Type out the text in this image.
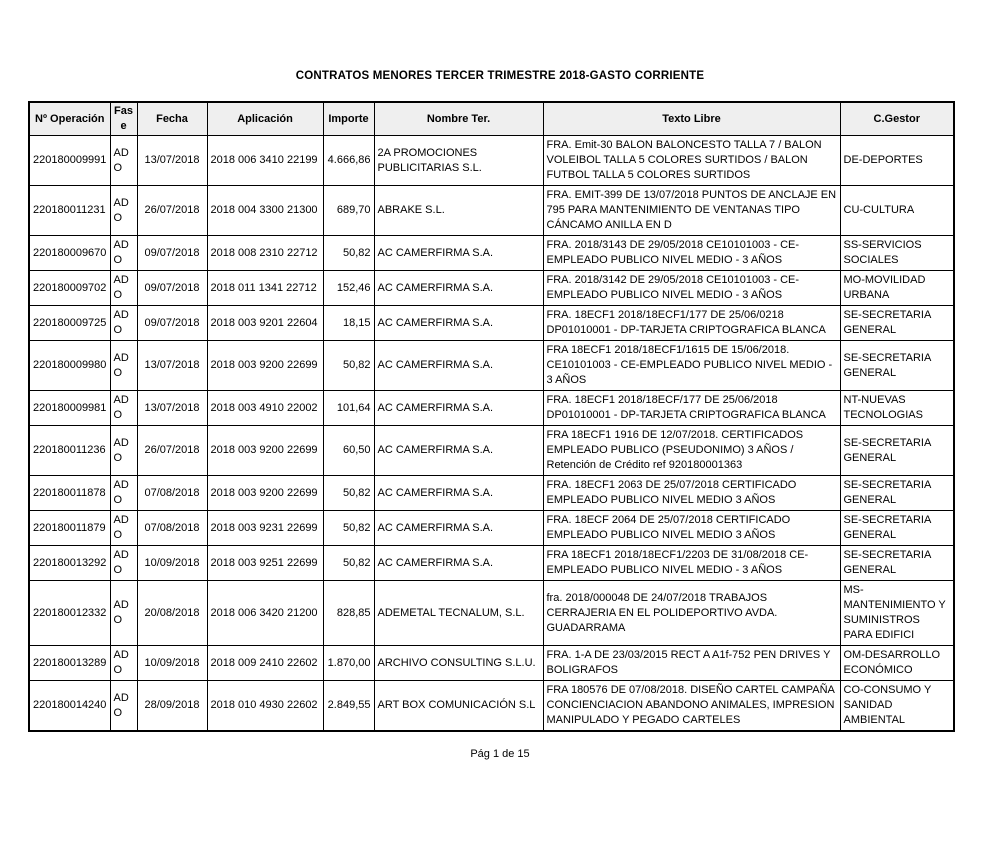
CONTRATOS MENORES TERCER TRIMESTRE 2018-GASTO CORRIENTE
Nº Operación	Fase	Fecha	Aplicación	Importe	Nombre Ter.	Texto Libre	C.Gestor
220180009991	ADO	13/07/2018	2018 006 3410 22199	4.666,86	2A PROMOCIONES PUBLICITARIAS S.L.	FRA. Emit-30 BALON BALONCESTO TALLA 7 / BALON VOLEIBOL TALLA 5 COLORES SURTIDOS / BALON FUTBOL TALLA 5 COLORES SURTIDOS	DE-DEPORTES
220180011231	ADO	26/07/2018	2018 004 3300 21300	689,70	ABRAKE S.L.	FRA. EMIT-399 DE 13/07/2018 PUNTOS DE ANCLAJE EN 795 PARA MANTENIMIENTO DE VENTANAS TIPO CÁNCAMO ANILLA EN D	CU-CULTURA
220180009670	ADO	09/07/2018	2018 008 2310 22712	50,82	AC CAMERFIRMA S.A.	FRA. 2018/3143 DE 29/05/2018 CE10101003 - CE-EMPLEADO PUBLICO NIVEL MEDIO - 3 AÑOS	SS-SERVICIOS SOCIALES
220180009702	ADO	09/07/2018	2018 011 1341 22712	152,46	AC CAMERFIRMA S.A.	FRA. 2018/3142 DE 29/05/2018 CE10101003 - CE-EMPLEADO PUBLICO NIVEL MEDIO - 3 AÑOS	MO-MOVILIDAD URBANA
220180009725	ADO	09/07/2018	2018 003 9201 22604	18,15	AC CAMERFIRMA S.A.	FRA. 18ECF1 2018/18ECF1/177 DE 25/06/0218 DP01010001 - DP-TARJETA CRIPTOGRAFICA BLANCA	SE-SECRETARIA GENERAL
220180009980	ADO	13/07/2018	2018 003 9200 22699	50,82	AC CAMERFIRMA S.A.	FRA 18ECF1 2018/18ECF1/1615 DE 15/06/2018. CE10101003 - CE-EMPLEADO PUBLICO NIVEL MEDIO - 3 AÑOS	SE-SECRETARIA GENERAL
220180009981	ADO	13/07/2018	2018 003 4910 22002	101,64	AC CAMERFIRMA S.A.	FRA. 18ECF1 2018/18ECF/177 DE 25/06/2018 DP01010001 - DP-TARJETA CRIPTOGRAFICA BLANCA	NT-NUEVAS TECNOLOGIAS
220180011236	ADO	26/07/2018	2018 003 9200 22699	60,50	AC CAMERFIRMA S.A.	FRA 18ECF1 1916 DE 12/07/2018. CERTIFICADOS EMPLEADO PUBLICO (PSEUDONIMO) 3 AÑOS / Retención de Crédito ref 920180001363	SE-SECRETARIA GENERAL
220180011878	ADO	07/08/2018	2018 003 9200 22699	50,82	AC CAMERFIRMA S.A.	FRA. 18ECF1 2063 DE 25/07/2018 CERTIFICADO EMPLEADO PUBLICO NIVEL MEDIO 3 AÑOS	SE-SECRETARIA GENERAL
220180011879	ADO	07/08/2018	2018 003 9231 22699	50,82	AC CAMERFIRMA S.A.	FRA. 18ECF 2064 DE 25/07/2018 CERTIFICADO EMPLEADO PUBLICO NIVEL MEDIO 3 AÑOS	SE-SECRETARIA GENERAL
220180013292	ADO	10/09/2018	2018 003 9251 22699	50,82	AC CAMERFIRMA S.A.	FRA 18ECF1 2018/18ECF1/2203 DE 31/08/2018 CE-EMPLEADO PUBLICO NIVEL MEDIO - 3 AÑOS	SE-SECRETARIA GENERAL
220180012332	ADO	20/08/2018	2018 006 3420 21200	828,85	ADEMETAL TECNALUM, S.L.	fra. 2018/000048 DE 24/07/2018 TRABAJOS CERRAJERIA EN EL POLIDEPORTIVO AVDA. GUADARRAMA	MS-MANTENIMIENTO Y SUMINISTROS PARA EDIFICI
220180013289	ADO	10/09/2018	2018 009 2410 22602	1.870,00	ARCHIVO CONSULTING S.L.U.	FRA. 1-A DE 23/03/2015 RECT A A1f-752 PEN DRIVES Y BOLIGRAFOS	OM-DESARROLLO ECONÓMICO
220180014240	ADO	28/09/2018	2018 010 4930 22602	2.849,55	ART BOX COMUNICACIÓN S.L	FRA 180576 DE 07/08/2018. DISEÑO CARTEL CAMPAÑA CONCIENCIACION ABANDONO ANIMALES, IMPRESION MANIPULADO Y PEGADO CARTELES	CO-CONSUMO Y SANIDAD AMBIENTAL
Pág 1 de 15
